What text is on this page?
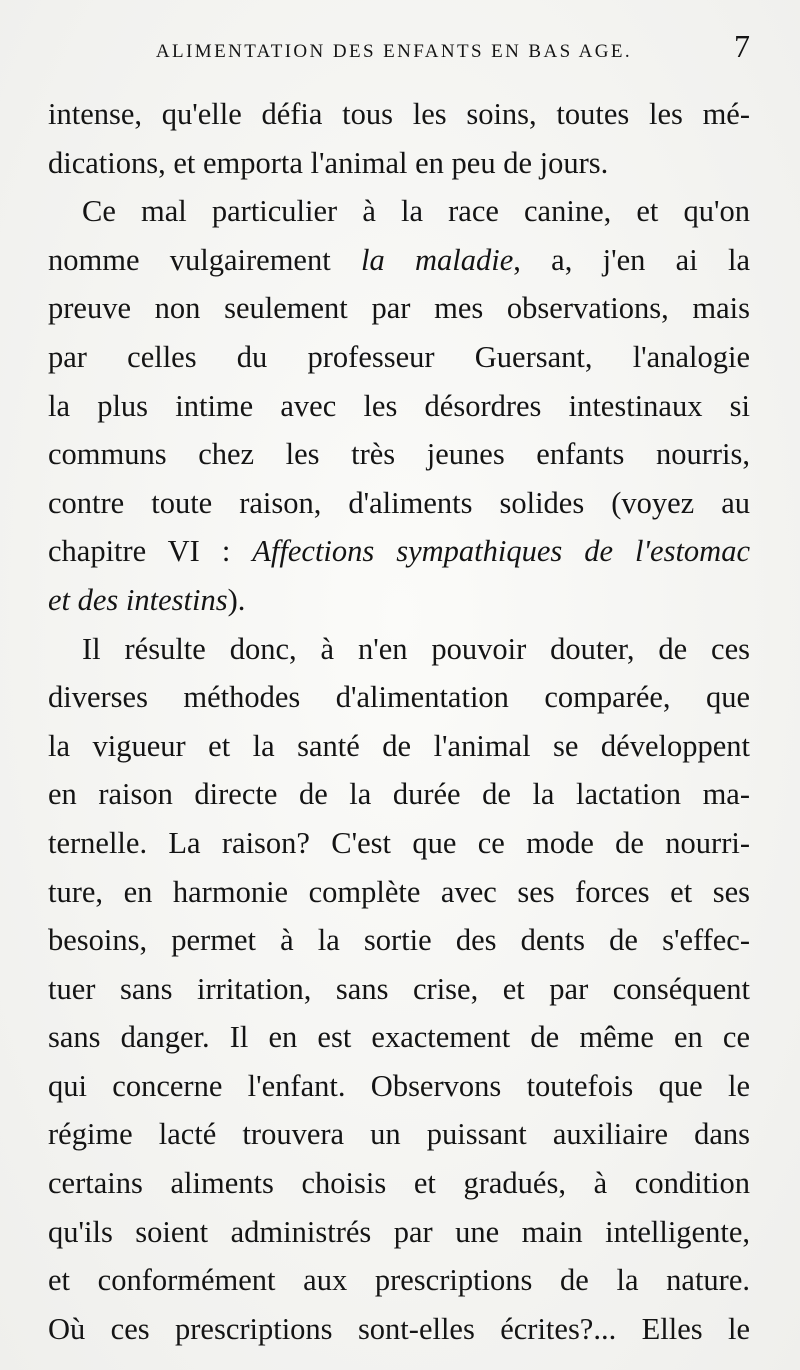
ALIMENTATION DES ENFANTS EN BAS AGE.	7
intense, qu'elle défia tous les soins, toutes les mé-
dications, et emporta l'animal en peu de jours.
Ce mal particulier à la race canine, et qu'on
nomme vulgairement la maladie, a, j'en ai la
preuve non seulement par mes observations, mais
par celles du professeur Guersant, l'analogie
la plus intime avec les désordres intestinaux si
communs chez les très jeunes enfants nourris,
contre toute raison, d'aliments solides (voyez au
chapitre VI : Affections sympathiques de l'estomac
et des intestins).
Il résulte donc, à n'en pouvoir douter, de ces
diverses méthodes d'alimentation comparée, que
la vigueur et la santé de l'animal se développent
en raison directe de la durée de la lactation ma-
ternelle. La raison? C'est que ce mode de nourri-
ture, en harmonie complète avec ses forces et ses
besoins, permet à la sortie des dents de s'effec-
tuer sans irritation, sans crise, et par conséquent
sans danger. Il en est exactement de même en ce
qui concerne l'enfant. Observons toutefois que le
régime lacté trouvera un puissant auxiliaire dans
certains aliments choisis et gradués, à condition
qu'ils soient administrés par une main intelligente,
et conformément aux prescriptions de la nature.
Où ces prescriptions sont-elles écrites?... Elles le
